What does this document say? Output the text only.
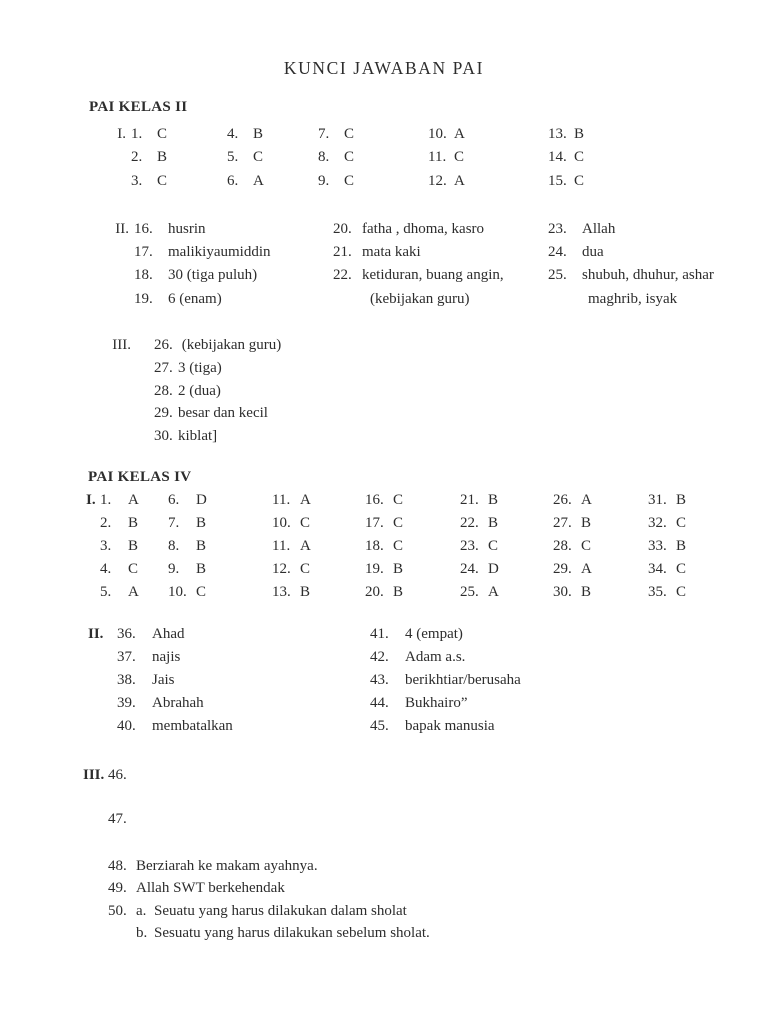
KUNCI JAWABAN PAI
PAI KELAS II
I. 1. C	4. B	7. C	10. A	13. B
2. B	5. C	8. C	11. C	14. C
3. C	6. A	9. C	12. A	15. C
II. 16. husrin
17. malikiyaumiddin
18. 30 (tiga puluh)
19. 6 (enam)
20. fatha , dhoma, kasro
21. mata kaki
22. ketiduran, buang angin,
(kebijakan guru)
23. Allah
24. dua
25. shubuh, dhuhur, ashar
maghrib, isyak
III. 26. (kebijakan guru)
27. 3 (tiga)
28. 2 (dua)
29. besar dan kecil
30. kiblat]
PAI KELAS IV
I. 1. A	6. D	11. A	16. C	21. B	26. A	31. B
2. B	7. B	10. C	17. C	22. B	27. B	32. C
3. B	8. B	11. A	18. C	23. C	28. C	33. B
4. C	9. B	12. C	19. B	24. D	29. A	34. C
5. A	10. C	13. B	20. B	25. A	30. B	35. C
II. 36. Ahad
37. najis
38. Jais
39. Abrahah
40. membatalkan
41. 4 (empat)
42. Adam a.s.
43. berikhtiar/berusaha
44. Bukhairo”
45. bapak manusia
III. 46.
47.
48. Berziarah ke makam ayahnya.
49. Allah SWT berkehendak
50. a. Seuatu yang harus dilakukan dalam sholat
b. Sesuatu yang harus dilakukan sebelum sholat.
